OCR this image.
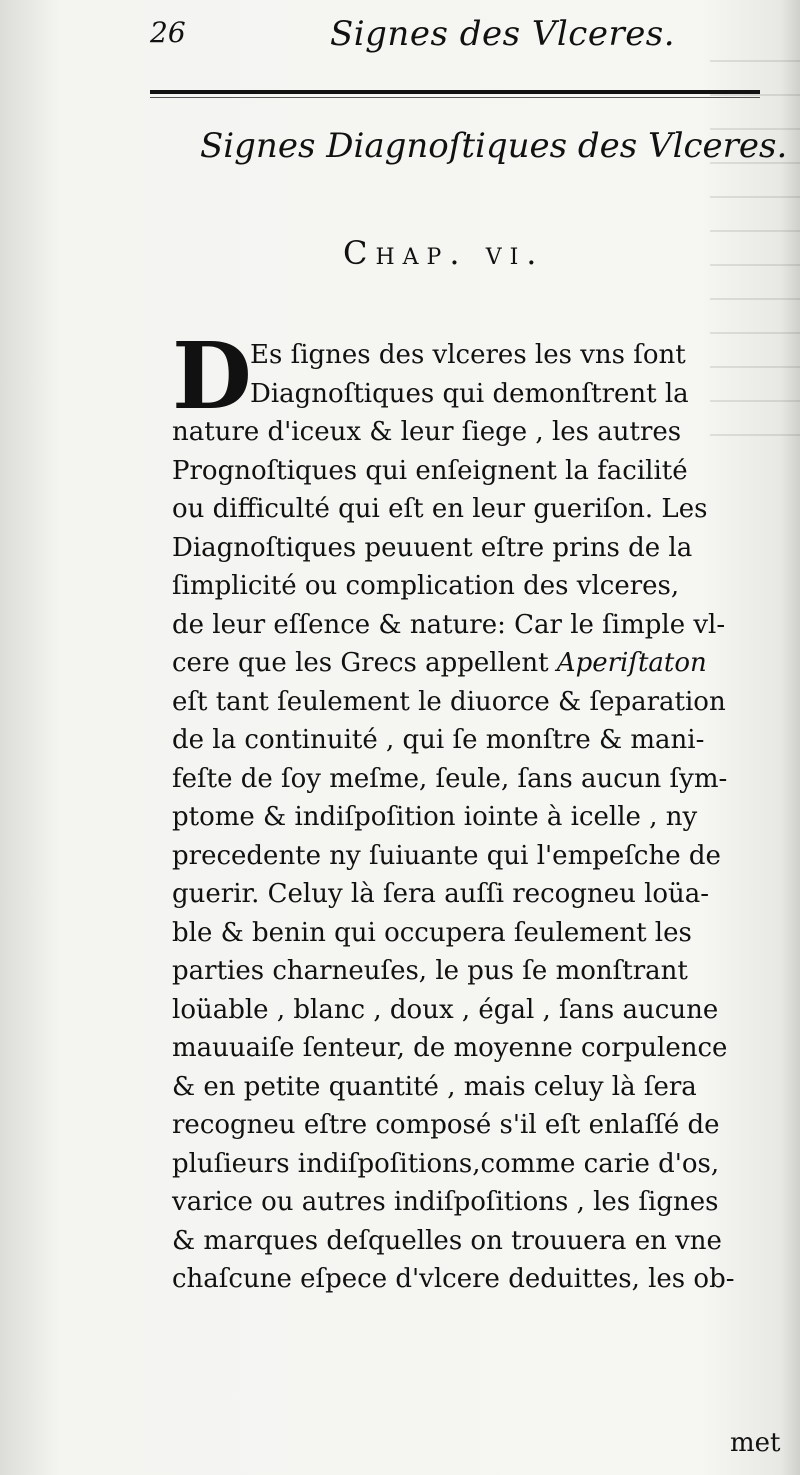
26	Signes des Vlceres.
Signes Diagnoſtiques des Vlceres.
Chap. vi.
D
Es ſignes des vlceres les vns ſont
Diagnoſtiques qui demonſtrent la
nature d'iceux & leur ſiege , les autres
Prognoſtiques qui enſeignent la facilité
ou difficulté qui eſt en leur gueriſon. Les
Diagnoſtiques peuuent eſtre prins de la
ſimplicité ou complication des vlceres,
de leur eſſence & nature: Car le ſimple vl-
cere que les Grecs appellent Aperiſtaton
eſt tant ſeulement le diuorce & ſeparation
de la continuité , qui ſe monſtre & mani-
feſte de ſoy meſme, ſeule, ſans aucun ſym-
ptome & indiſpoſition iointe à icelle , ny
precedente ny ſuiuante qui l'empeſche de
guerir. Celuy là ſera auſſi recogneu loüa-
ble & benin qui occupera ſeulement les
parties charneuſes, le pus ſe monſtrant
loüable , blanc , doux , égal , ſans aucune
mauuaiſe ſenteur, de moyenne corpulence
& en petite quantité , mais celuy là ſera
recogneu eſtre composé s'il eſt enlaſſé de
pluſieurs indiſpoſitions,comme carie d'os,
varice ou autres indiſpoſitions , les ſignes
& marques deſquelles on trouuera en vne
chaſcune eſpece d'vlcere deduittes, les ob-
met
